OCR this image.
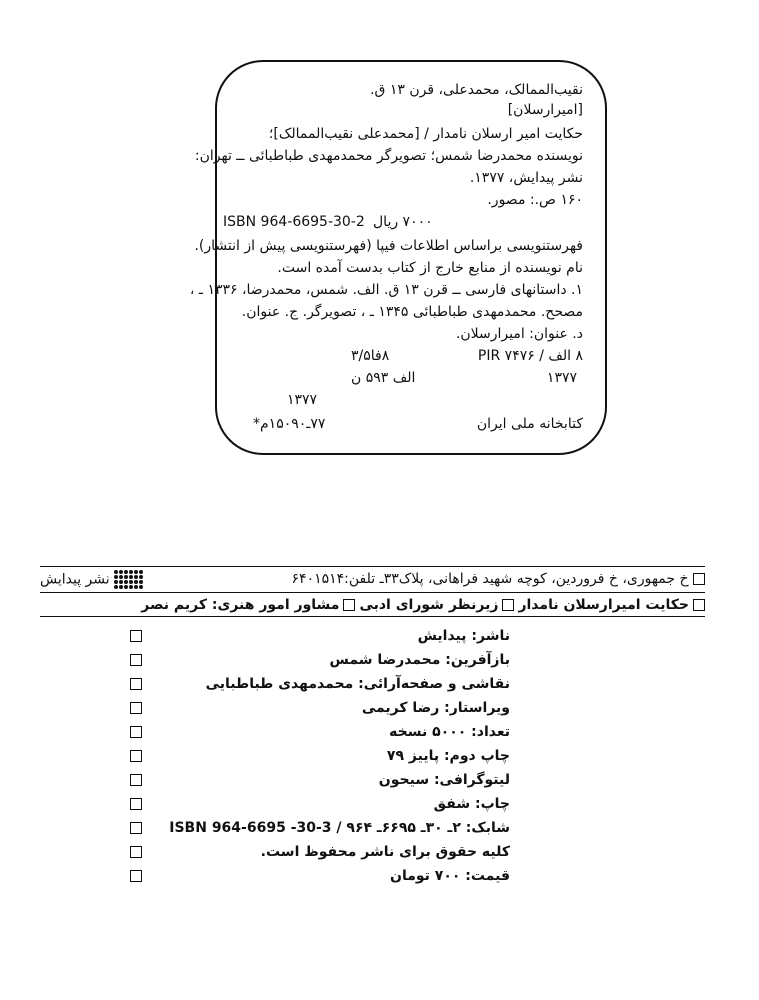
نقیب‌الممالک، محمدعلی، قرن ۱۳ ق.
[امیرارسلان]
حکایت امیر ارسلان نامدار / [محمدعلی نقیب‌الممالک]؛
نویسنده محمدرضا شمس؛ تصویرگر محمدمهدی طباطبائی ــ تهران:
نشر پیدایش، ۱۳۷۷.
۱۶۰ ص.: مصور.
ISBN 964-6695-30-2 ۷۰۰۰ ریال
فهرستنویسی براساس اطلاعات فیپا (فهرستنویسی پیش از انتشار).
نام نویسنده از منابع خارج از کتاب بدست آمده است.
۱. داستانهای فارسی ــ قرن ۱۳ ق. الف. شمس، محمدرضا، ۱۳۳۶ ـ ،
مصحح. محمدمهدی طباطبائی ۱۳۴۵ ـ ، تصویرگر. ج. عنوان.
د. عنوان: امیرارسلان.
۸ الف / ۷۴۷۶ PIR
۸فا۳/۵
۱۳۷۷
الف ۵۹۳ ن
۱۳۷۷
کتابخانه ملی ایران
۷۷ـ۱۵۰۹۰م*
خ جمهوری، خ فروردین، کوچه شهید فراهانی، پلاک۳۳ـ تلفن:۶۴۰۱۵۱۴
نشر پیدایش
حکایت امیرارسلان نامدار
زیرنظر شورای ادبی
مشاور امور هنری: کریم نصر
ناشر: پیدایش
بازآفرین: محمدرضا شمس
نقاشی و صفحه‌آرائی: محمدمهدی طباطبایی
ویراستار: رضا کریمی
تعداد: ۵۰۰۰ نسخه
چاپ دوم: پاییز ۷۹
لیتوگرافی: سیحون
چاپ: شفق
شابک: ۲ـ ۳۰ـ ۶۶۹۵ـ ۹۶۴ / ISBN 964-6695 -30-3
کلیه حقوق برای ناشر محفوظ است.
قیمت: ۷۰۰ تومان
